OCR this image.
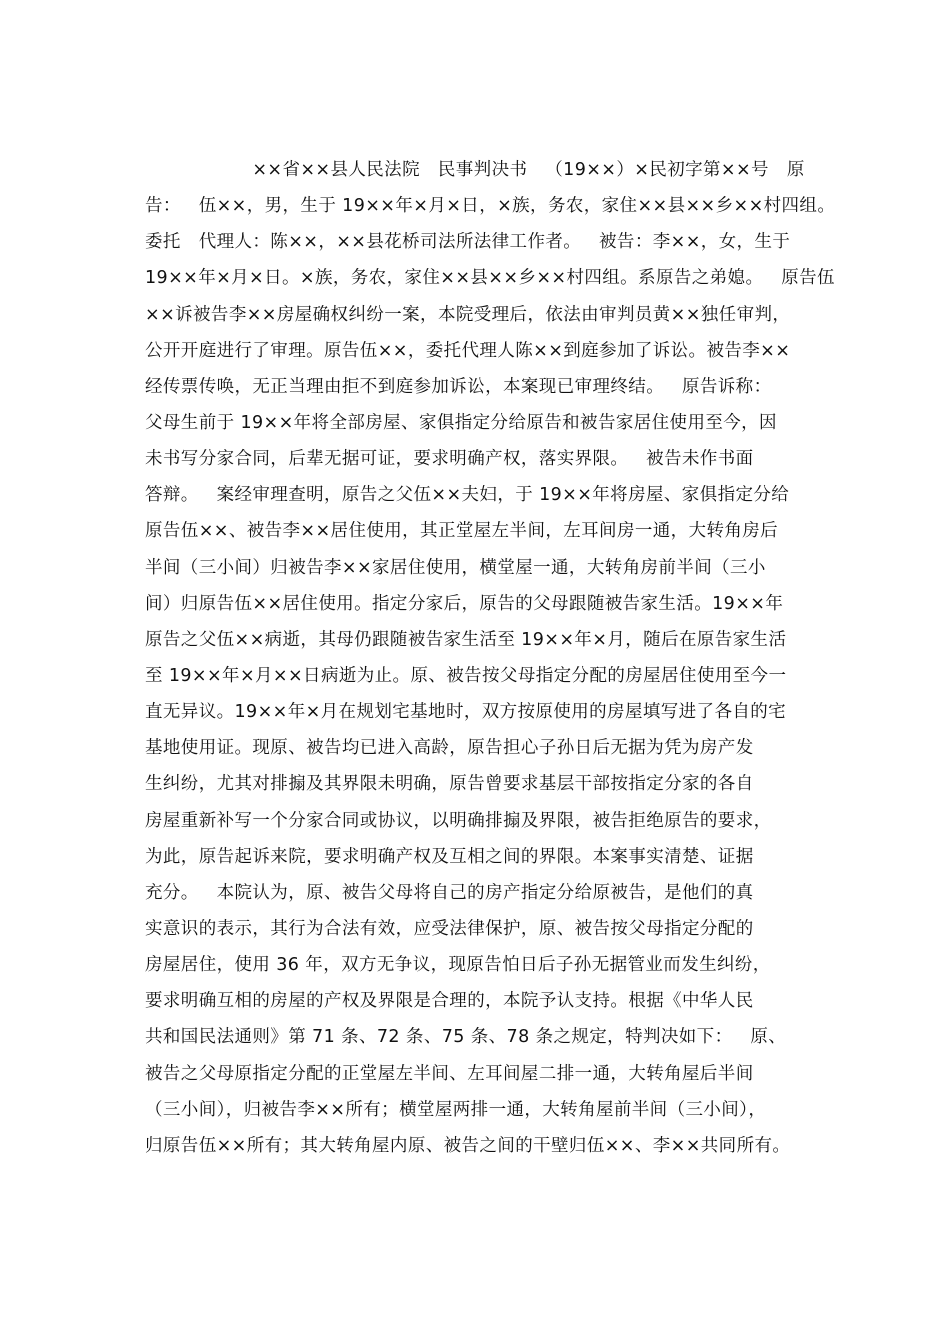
××省××县人民法院   民事判决书   （19××）×民初字第××号   原
告：   伍××，男，生于 19××年×月×日，×族，务农，家住××县××乡××村四组。
委托   代理人：陈××，××县花桥司法所法律工作者。   被告：李××，女，生于
19××年×月×日。×族，务农，家住××县××乡××村四组。系原告之弟媳。   原告伍
××诉被告李××房屋确权纠纷一案，本院受理后，依法由审判员黄××独任审判，
公开开庭进行了审理。原告伍××，委托代理人陈××到庭参加了诉讼。被告李××
经传票传唤，无正当理由拒不到庭参加诉讼，本案现已审理终结。   原告诉称：
父母生前于 19××年将全部房屋、家俱指定分给原告和被告家居住使用至今，因
未书写分家合同，后辈无据可证，要求明确产权，落实界限。   被告未作书面
答辩。   案经审理查明，原告之父伍××夫妇，于 19××年将房屋、家俱指定分给
原告伍××、被告李××居住使用，其正堂屋左半间，左耳间房一通，大转角房后
半间（三小间）归被告李××家居住使用，横堂屋一通，大转角房前半间（三小
间）归原告伍××居住使用。指定分家后，原告的父母跟随被告家生活。19××年
原告之父伍××病逝，其母仍跟随被告家生活至 19××年×月，随后在原告家生活
至 19××年×月××日病逝为止。原、被告按父母指定分配的房屋居住使用至今一
直无异议。19××年×月在规划宅基地时，双方按原使用的房屋填写进了各自的宅
基地使用证。现原、被告均已进入高龄，原告担心子孙日后无据为凭为房产发
生纠纷，尤其对排搧及其界限未明确，原告曾要求基层干部按指定分家的各自
房屋重新补写一个分家合同或协议，以明确排搧及界限，被告拒绝原告的要求，
为此，原告起诉来院，要求明确产权及互相之间的界限。本案事实清楚、证据
充分。   本院认为，原、被告父母将自己的房产指定分给原被告，是他们的真
实意识的表示，其行为合法有效，应受法律保护，原、被告按父母指定分配的
房屋居住，使用 36 年，双方无争议，现原告怕日后子孙无据管业而发生纠纷，
要求明确互相的房屋的产权及界限是合理的，本院予认支持。根据《中华人民
共和国民法通则》第 71 条、72 条、75 条、78 条之规定，特判决如下：   原、
被告之父母原指定分配的正堂屋左半间、左耳间屋二排一通，大转角屋后半间
（三小间），归被告李××所有；横堂屋两排一通，大转角屋前半间（三小间），
归原告伍××所有；其大转角屋内原、被告之间的干壁归伍××、李××共同所有。
